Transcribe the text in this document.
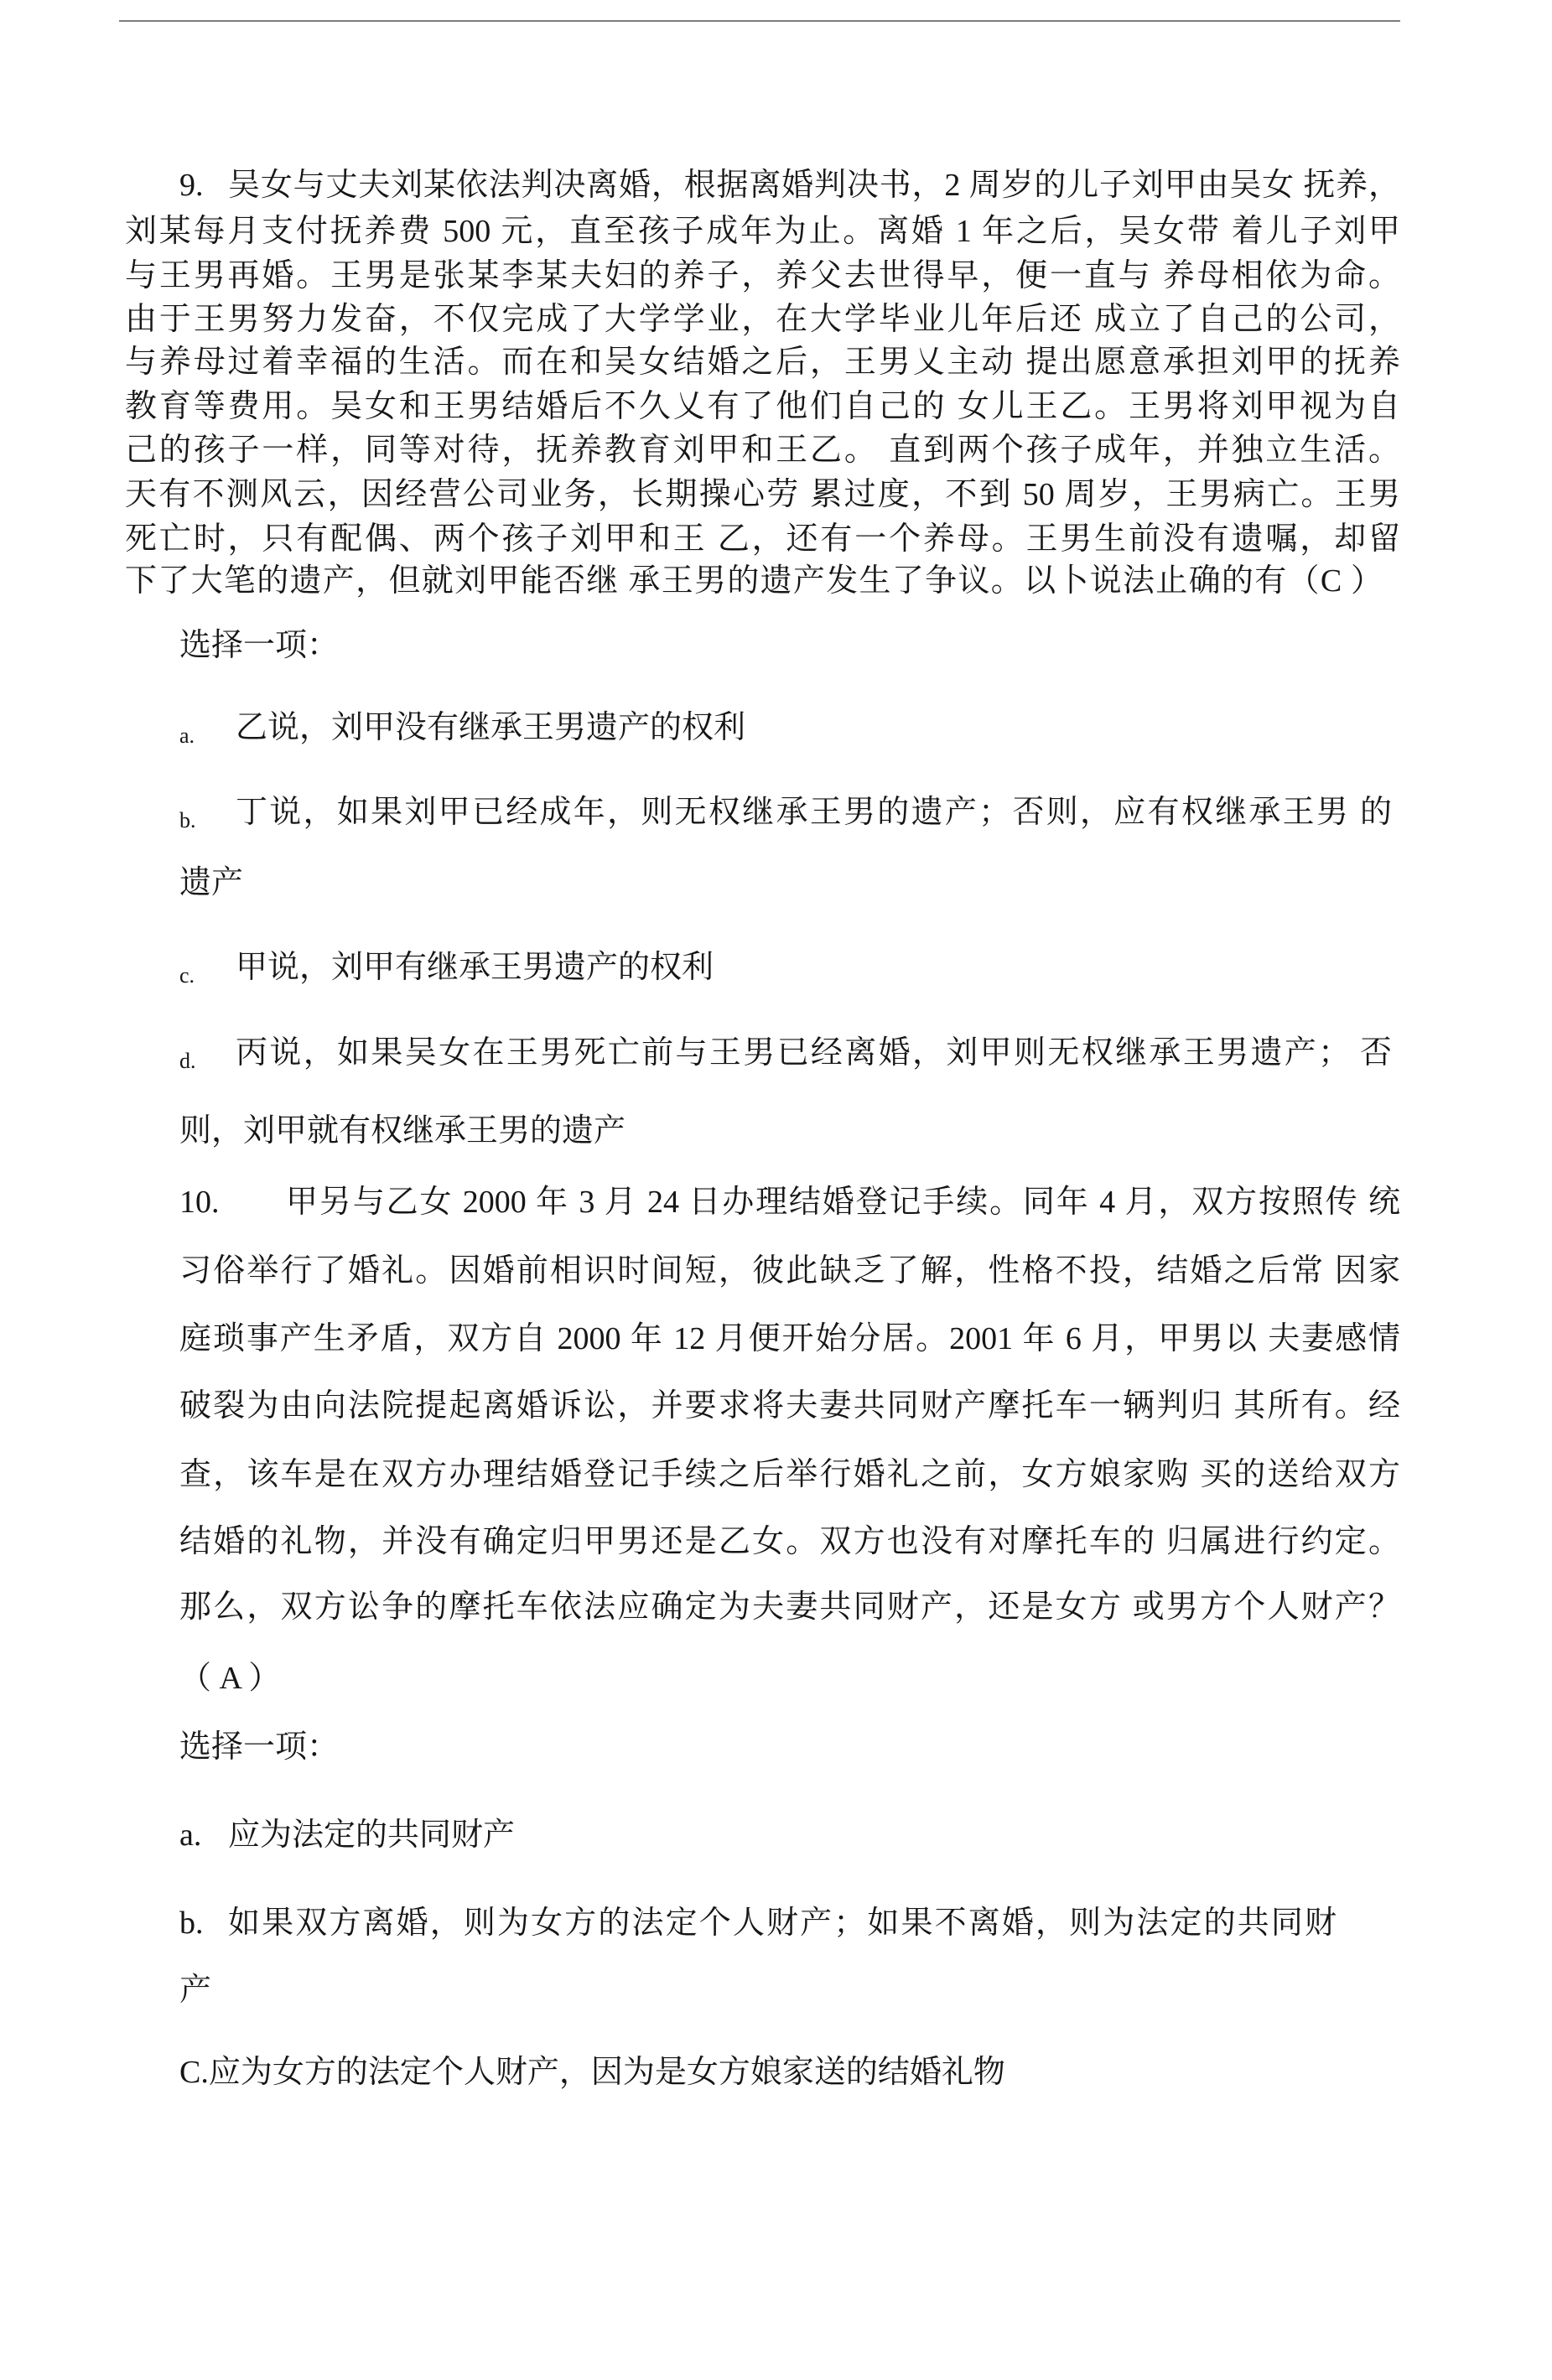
9. 吴女与丈夫刘某依法判决离婚，根据离婚判决书，2 周岁的儿子刘甲由吴女 抚养，
刘某每月支付抚养费 500 元，直至孩子成年为止。离婚 1 年之后，吴女带 着儿子刘甲
与王男再婚。王男是张某李某夫妇的养子，养父去世得早，便一直与 养母相依为命。
由于王男努力发奋，不仅完成了大学学业，在大学毕业儿年后还 成立了自己的公司，
与养母过着幸福的生活。而在和吴女结婚之后，王男乂主动 提出愿意承担刘甲的抚养
教育等费用。吴女和王男结婚后不久乂有了他们自己的 女儿王乙。王男将刘甲视为自
己的孩子一样，同等对待，抚养教育刘甲和王乙。 直到两个孩子成年，并独立生活。
天有不测风云，因经营公司业务，长期操心劳 累过度，不到 50 周岁，王男病亡。王男
死亡时，只有配偶、两个孩子刘甲和王 乙，还有一个养母。王男生前没有遗嘱，却留
下了大笔的遗产，但就刘甲能否继 承王男的遗产发生了争议。以卜说法止确的有（C ）
选择一项：
a. 乙说，刘甲没有继承王男遗产的权利
b. 丁说，如果刘甲已经成年，则无权继承王男的遗产；否则，应有权继承王男 的
遗产
c. 甲说，刘甲有继承王男遗产的权利
d. 丙说，如果吴女在王男死亡前与王男已经离婚，刘甲则无权继承王男遗产； 否
则，刘甲就有权继承王男的遗产
10. 甲另与乙女 2000 年 3 月 24 日办理结婚登记手续。同年 4 月，双方按照传 统
习俗举行了婚礼。因婚前相识时间短，彼此缺乏了解，性格不投，结婚之后常 因家
庭琐事产生矛盾，双方自 2000 年 12 月便开始分居。2001 年 6 月，甲男以 夫妻感情
破裂为由向法院提起离婚诉讼，并要求将夫妻共同财产摩托车一辆判归 其所有。经
查，该车是在双方办理结婚登记手续之后举行婚礼之前，女方娘家购 买的送给双方
结婚的礼物，并没有确定归甲男还是乙女。双方也没有对摩托车的 归属进行约定。
那么，双方讼争的摩托车依法应确定为夫妻共同财产，还是女方 或男方个人财产？
（ A ）
选择一项：
a. 应为法定的共同财产
b. 如果双方离婚，则为女方的法定个人财产；如果不离婚，则为法定的共同财
产
C.应为女方的法定个人财产，因为是女方娘家送的结婚礼物
